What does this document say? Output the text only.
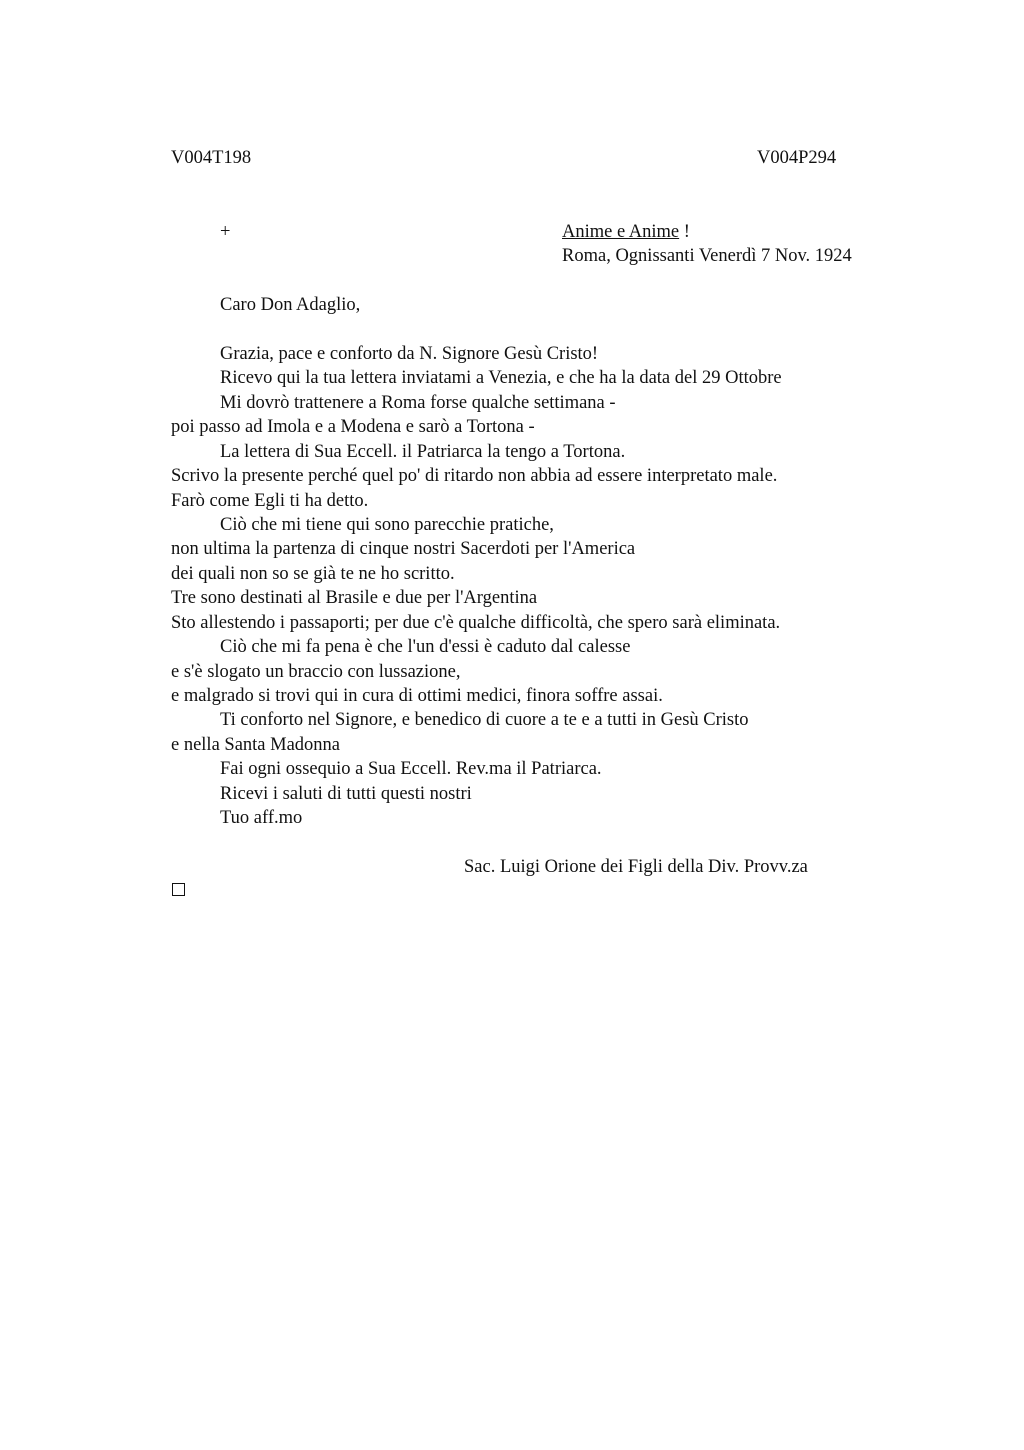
V004T198	V004P294
+	Anime e Anime !
Roma, Ognissanti Venerdì 7 Nov. 1924
Caro Don Adaglio,
Grazia, pace e conforto da N. Signore Gesù Cristo!
Ricevo qui la tua lettera inviatami a Venezia, e che ha la data del 29 Ottobre
Mi dovrò trattenere a Roma forse qualche settimana -
poi passo ad Imola e a Modena e sarò a Tortona -
La lettera di Sua Eccell. il Patriarca la tengo a Tortona.
Scrivo la presente perché quel po' di ritardo non abbia ad essere interpretato male.
Farò come Egli ti ha detto.
Ciò che mi tiene qui sono parecchie pratiche,
non ultima la partenza di cinque nostri Sacerdoti per l'America
dei quali non so se già te ne ho scritto.
Tre sono destinati al Brasile e due per l'Argentina
Sto allestendo i passaporti; per due c'è qualche difficoltà, che spero sarà eliminata.
Ciò che mi fa pena è che l'un d'essi è caduto dal calesse
e s'è slogato un braccio con lussazione,
e malgrado si trovi qui in cura di ottimi medici, finora soffre assai.
Ti conforto nel Signore, e benedico di cuore a te e a tutti in Gesù Cristo
e nella Santa Madonna
Fai ogni ossequio a Sua Eccell. Rev.ma il Patriarca.
Ricevi i saluti di tutti questi nostri
Tuo aff.mo
Sac. Luigi Orione dei Figli della Div. Provv.za
